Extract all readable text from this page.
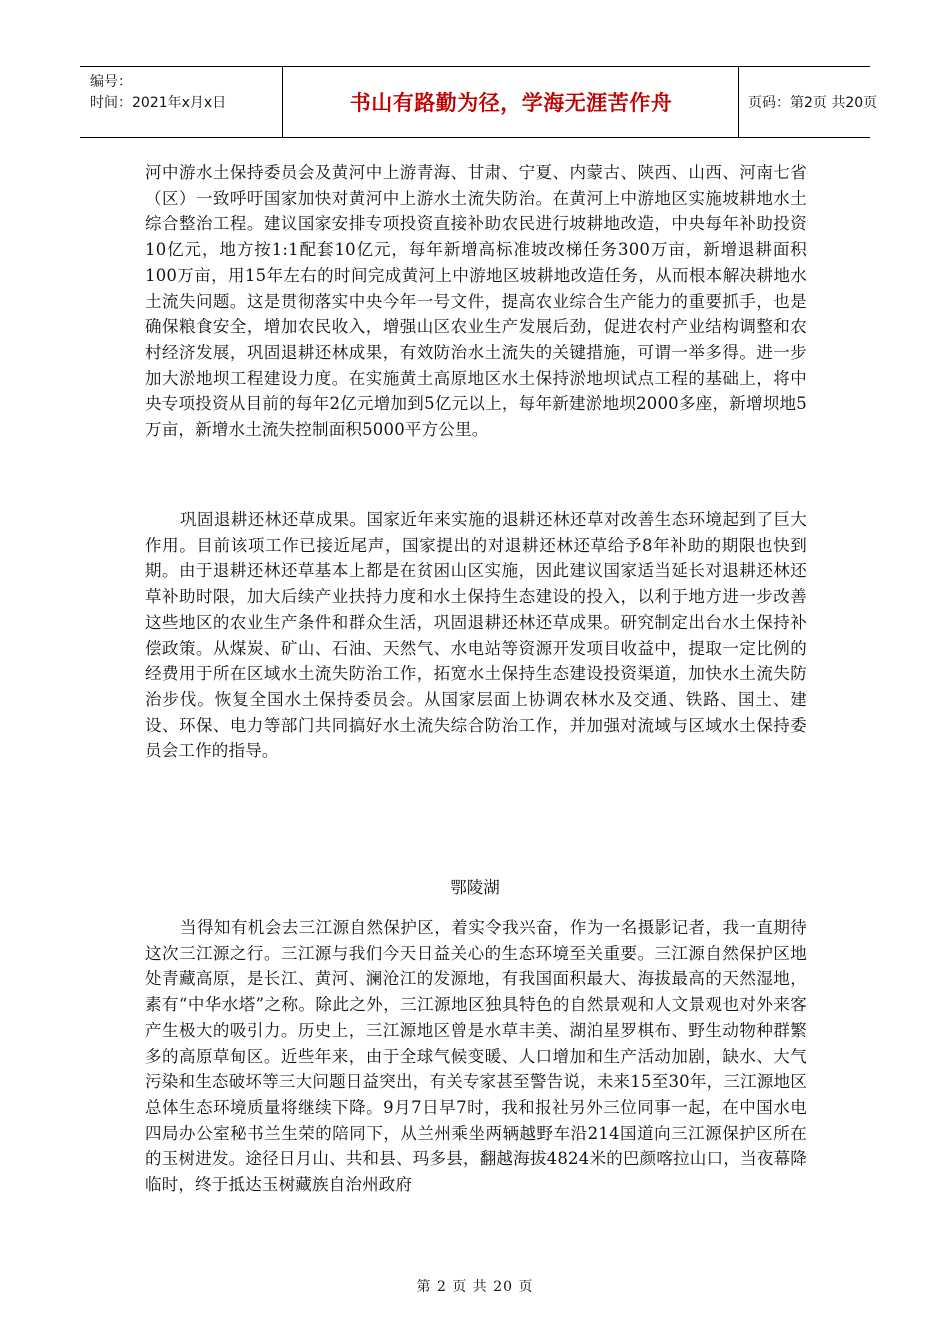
编号：
时间：2021年x月x日	书山有路勤为径，学海无涯苦作舟	页码：第2页 共20页

河中游水土保持委员会及黄河中上游青海、甘肃、宁夏、内蒙古、陕西、山西、河南七省（区）一致呼吁国家加快对黄河中上游水土流失防治。在黄河上中游地区实施坡耕地水土综合整治工程。建议国家安排专项投资直接补助农民进行坡耕地改造，中央每年补助投资10亿元，地方按1:1配套10亿元，每年新增高标准坡改梯任务300万亩，新增退耕面积100万亩，用15年左右的时间完成黄河上中游地区坡耕地改造任务，从而根本解决耕地水土流失问题。这是贯彻落实中央今年一号文件，提高农业综合生产能力的重要抓手，也是确保粮食安全，增加农民收入，增强山区农业生产发展后劲，促进农村产业结构调整和农村经济发展，巩固退耕还林成果，有效防治水土流失的关键措施，可谓一举多得。进一步加大淤地坝工程建设力度。在实施黄土高原地区水土保持淤地坝试点工程的基础上，将中央专项投资从目前的每年2亿元增加到5亿元以上，每年新建淤地坝2000多座，新增坝地5万亩，新增水土流失控制面积5000平方公里。

巩固退耕还林还草成果。国家近年来实施的退耕还林还草对改善生态环境起到了巨大作用。目前该项工作已接近尾声，国家提出的对退耕还林还草给予8年补助的期限也快到期。由于退耕还林还草基本上都是在贫困山区实施，因此建议国家适当延长对退耕还林还草补助时限，加大后续产业扶持力度和水土保持生态建设的投入，以利于地方进一步改善这些地区的农业生产条件和群众生活，巩固退耕还林还草成果。研究制定出台水土保持补偿政策。从煤炭、矿山、石油、天然气、水电站等资源开发项目收益中，提取一定比例的经费用于所在区域水土流失防治工作，拓宽水土保持生态建设投资渠道，加快水土流失防治步伐。恢复全国水土保持委员会。从国家层面上协调农林水及交通、铁路、国土、建设、环保、电力等部门共同搞好水土流失综合防治工作，并加强对流域与区域水土保持委员会工作的指导。

鄂陵湖

当得知有机会去三江源自然保护区，着实令我兴奋，作为一名摄影记者，我一直期待这次三江源之行。三江源与我们今天日益关心的生态环境至关重要。三江源自然保护区地处青藏高原，是长江、黄河、澜沧江的发源地，有我国面积最大、海拔最高的天然湿地，素有“中华水塔”之称。除此之外，三江源地区独具特色的自然景观和人文景观也对外来客产生极大的吸引力。历史上，三江源地区曾是水草丰美、湖泊星罗棋布、野生动物种群繁多的高原草甸区。近些年来，由于全球气候变暖、人口增加和生产活动加剧，缺水、大气污染和生态破坏等三大问题日益突出，有关专家甚至警告说，未来15至30年，三江源地区总体生态环境质量将继续下降。9月7日早7时，我和报社另外三位同事一起，在中国水电四局办公室秘书兰生荣的陪同下，从兰州乘坐两辆越野车沿214国道向三江源保护区所在的玉树进发。途径日月山、共和县、玛多县，翻越海拔4824米的巴颜喀拉山口，当夜幕降临时，终于抵达玉树藏族自治州政府

第 2 页 共 20 页
